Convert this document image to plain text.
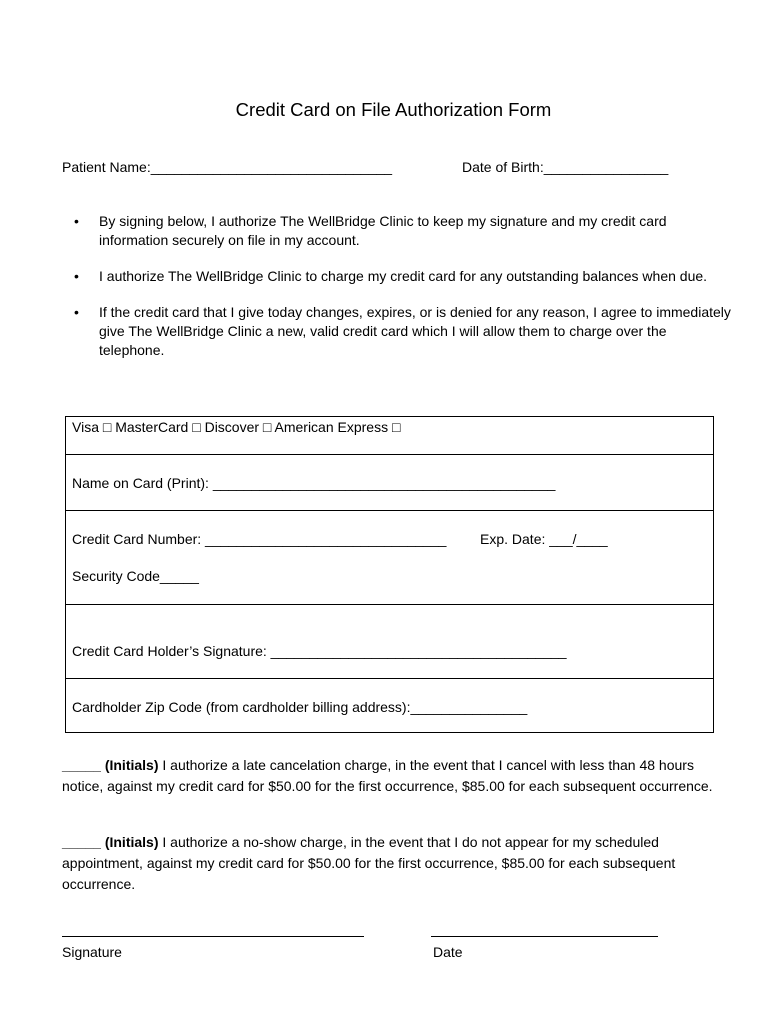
Credit Card on File Authorization Form
Patient Name:_______________________________	Date of Birth:________________
• By signing below, I authorize The WellBridge Clinic to keep my signature and my credit card information securely on file in my account.
• I authorize The WellBridge Clinic to charge my credit card for any outstanding balances when due.
• If the credit card that I give today changes, expires, or is denied for any reason, I agree to immediately give The WellBridge Clinic a new, valid credit card which I will allow them to charge over the telephone.
Visa □ MasterCard □ Discover □ American Express □
Name on Card (Print): ____________________________________________
Credit Card Number: _______________________________ Exp. Date: ___/____
Security Code_____
Credit Card Holder’s Signature: ______________________________________
Cardholder Zip Code (from cardholder billing address):_______________
_____ (Initials) I authorize a late cancelation charge, in the event that I cancel with less than 48 hours notice, against my credit card for $50.00 for the first occurrence, $85.00 for each subsequent occurrence.
_____ (Initials) I authorize a no-show charge, in the event that I do not appear for my scheduled appointment, against my credit card for $50.00 for the first occurrence, $85.00 for each subsequent occurrence.
Signature	Date
